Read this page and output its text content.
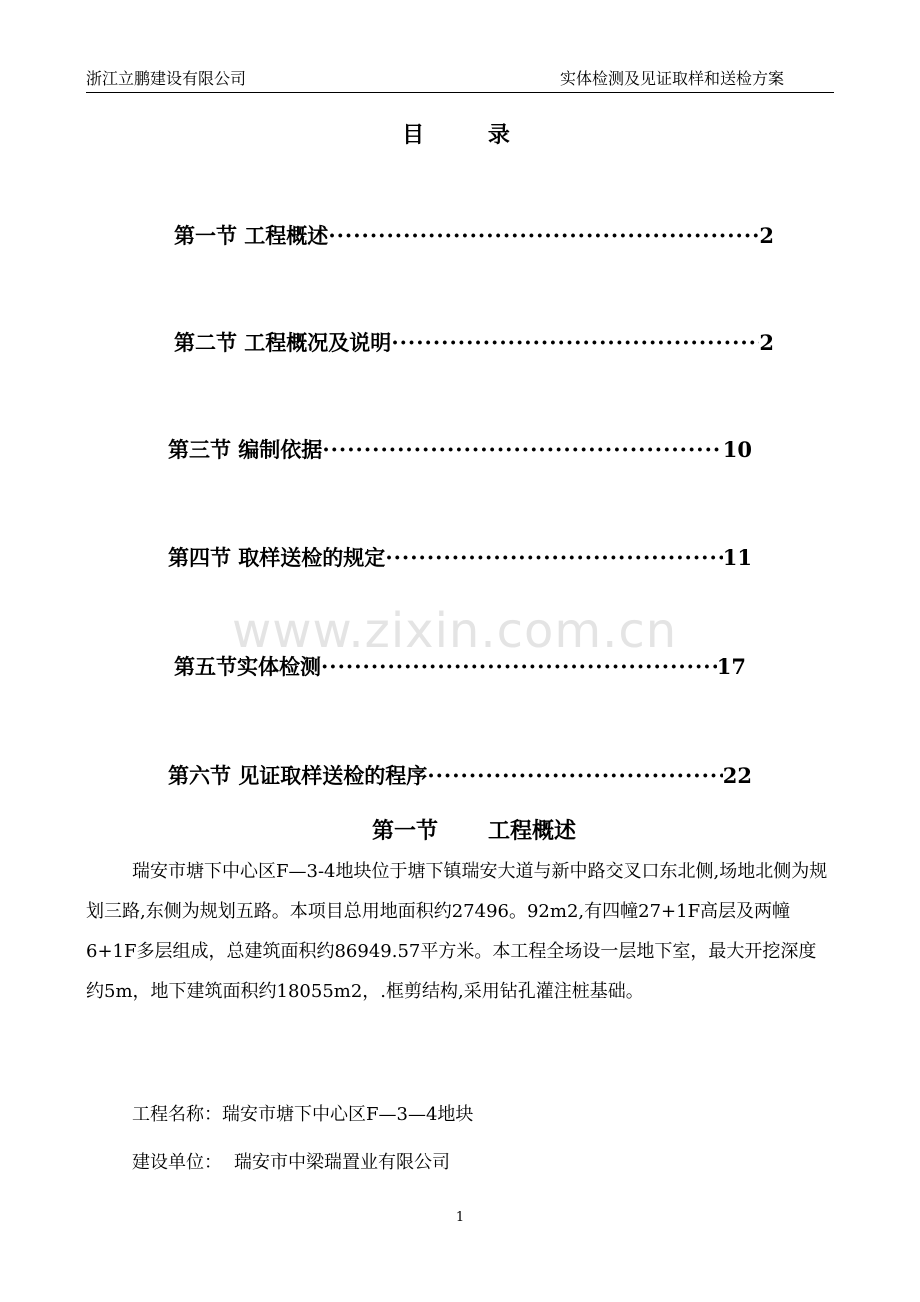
浙江立鹏建设有限公司	实体检测及见证取样和送检方案
目 录
第一节 工程概述 ·····	2
第二节 工程概况及说明 ·····	2
第三节 编制依据 ·····	10
第四节 取样送检的规定 ·····	11
www.zixin.com.cn
第五节实体检测 ·····	17
第六节 见证取样送检的程序 ·····	22
第一节 工程概述
瑞安市塘下中心区F—3-4地块位于塘下镇瑞安大道与新中路交叉口东北侧,场地北侧为规划三路,东侧为规划五路。本项目总用地面积约27496。92m2,有四幢27+1F高层及两幢6+1F多层组成，总建筑面积约86949.57平方米。本工程全场设一层地下室，最大开挖深度约5m，地下建筑面积约18055m2，.框剪结构,采用钻孔灌注桩基础。
工程名称：瑞安市塘下中心区F—3—4地块
建设单位： 瑞安市中梁瑞置业有限公司
1
